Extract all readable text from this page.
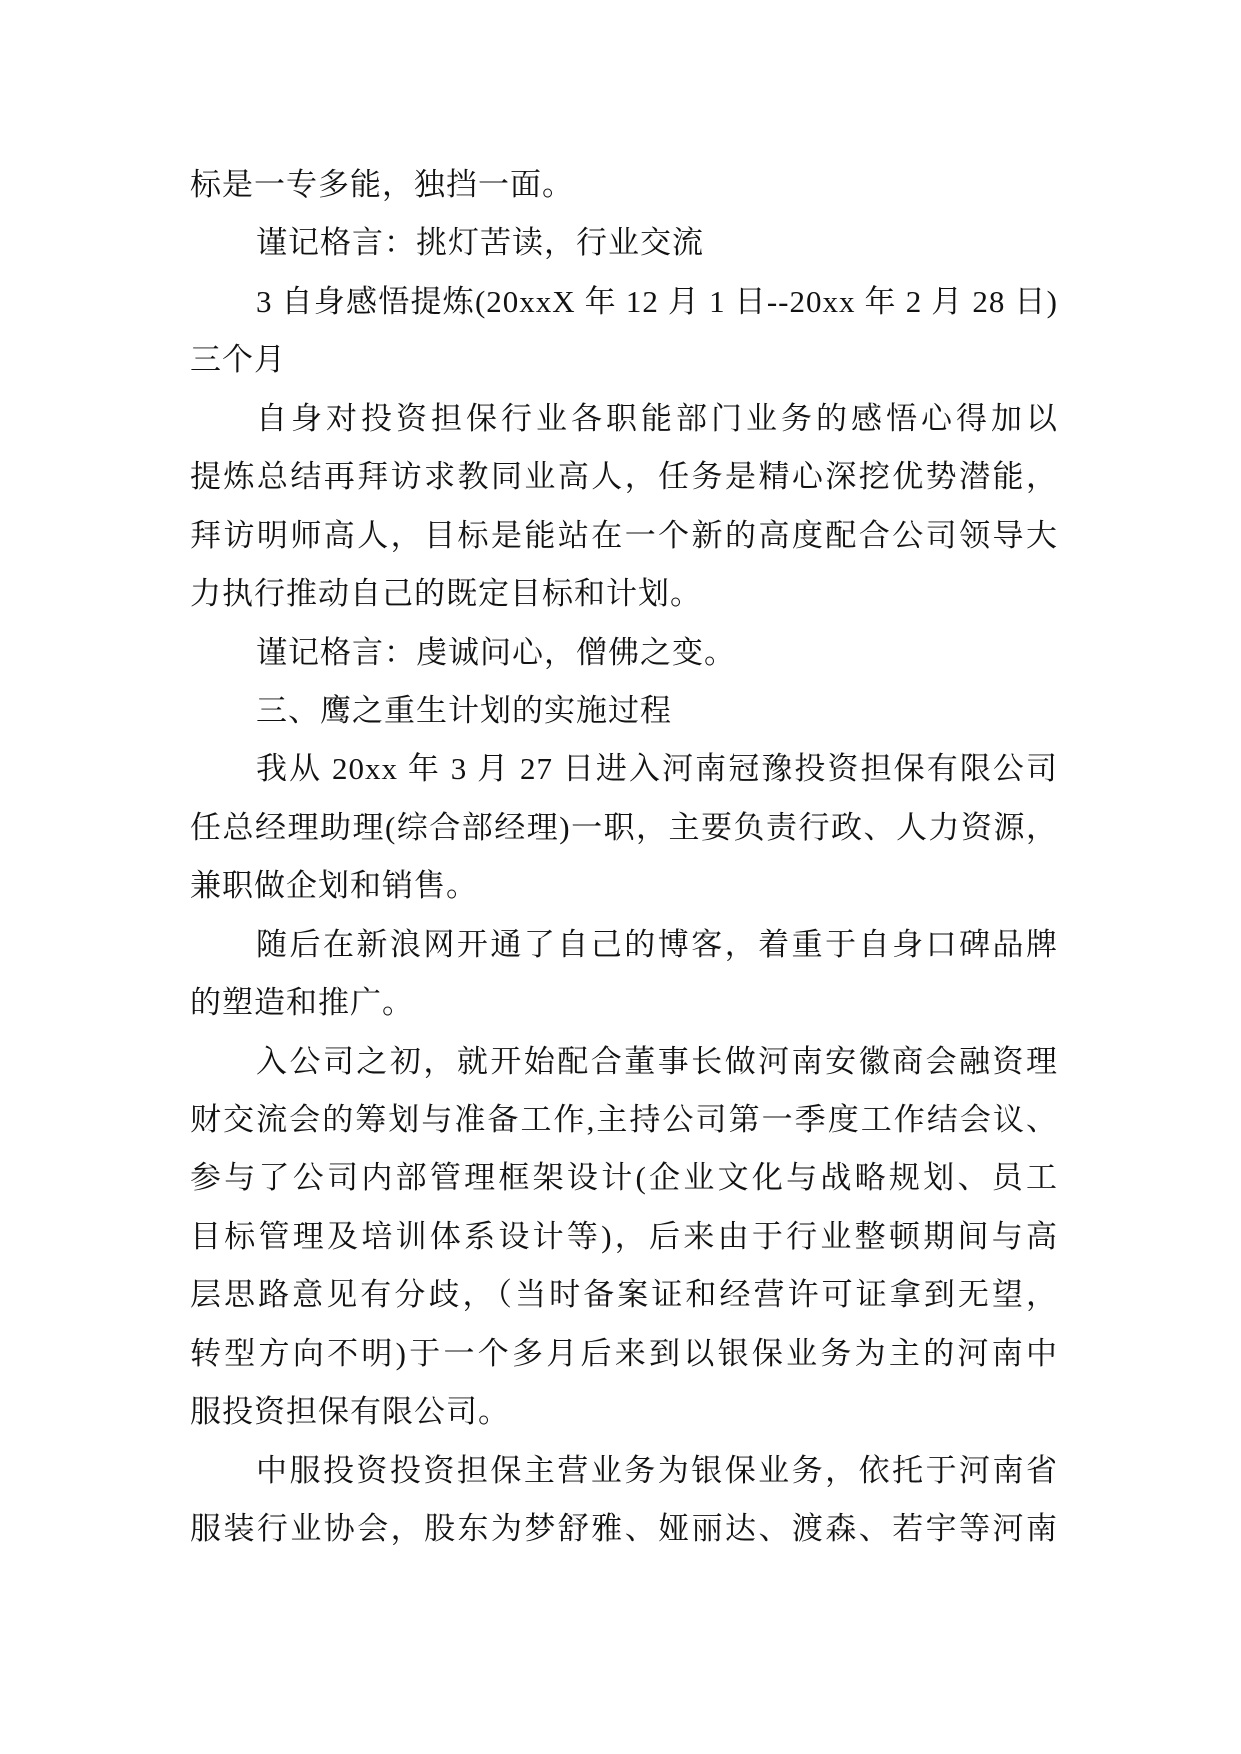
标是一专多能，独挡一面。
谨记格言：挑灯苦读，行业交流
3 自身感悟提炼(20xxX 年 12 月 1 日--20xx 年 2 月 28 日)
三个月
自身对投资担保行业各职能部门业务的感悟心得加以
提炼总结再拜访求教同业高人，任务是精心深挖优势潜能，
拜访明师高人，目标是能站在一个新的高度配合公司领导大
力执行推动自己的既定目标和计划。
谨记格言：虔诚问心，僧佛之变。
三、鹰之重生计划的实施过程
我从 20xx 年 3 月 27 日进入河南冠豫投资担保有限公司
任总经理助理(综合部经理)一职，主要负责行政、人力资源，
兼职做企划和销售。
随后在新浪网开通了自己的博客，着重于自身口碑品牌
的塑造和推广。
入公司之初，就开始配合董事长做河南安徽商会融资理
财交流会的筹划与准备工作,主持公司第一季度工作结会议、
参与了公司内部管理框架设计(企业文化与战略规划、员工
目标管理及培训体系设计等)，后来由于行业整顿期间与高
层思路意见有分歧，（当时备案证和经营许可证拿到无望，
转型方向不明)于一个多月后来到以银保业务为主的河南中
服投资担保有限公司。
中服投资投资担保主营业务为银保业务，依托于河南省
服装行业协会，股东为梦舒雅、娅丽达、渡森、若宇等河南
